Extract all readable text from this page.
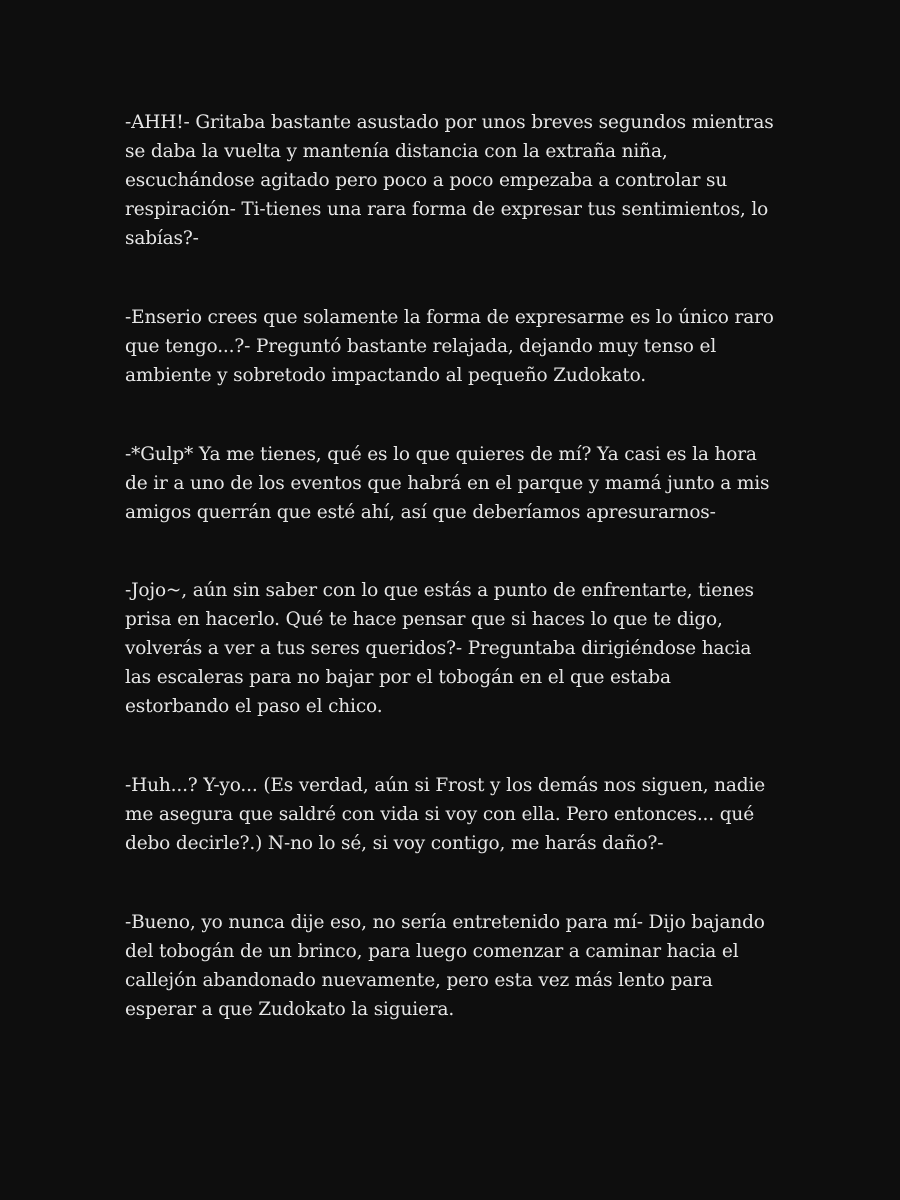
-AHH!- Gritaba bastante asustado por unos breves segundos mientras se daba la vuelta y mantenía distancia con la extraña niña, escuchándose agitado pero poco a poco empezaba a controlar su respiración- Ti-tienes una rara forma de expresar tus sentimientos, lo sabías?-

-Enserio crees que solamente la forma de expresarme es lo único raro que tengo...?- Preguntó bastante relajada, dejando muy tenso el ambiente y sobretodo impactando al pequeño Zudokato.

-*Gulp* Ya me tienes, qué es lo que quieres de mí? Ya casi es la hora de ir a uno de los eventos que habrá en el parque y mamá junto a mis amigos querrán que esté ahí, así que deberíamos apresurarnos-

-Jojo~, aún sin saber con lo que estás a punto de enfrentarte, tienes prisa en hacerlo. Qué te hace pensar que si haces lo que te digo, volverás a ver a tus seres queridos?- Preguntaba dirigiéndose hacia las escaleras para no bajar por el tobogán en el que estaba estorbando el paso el chico.

-Huh...? Y-yo... (Es verdad, aún si Frost y los demás nos siguen, nadie me asegura que saldré con vida si voy con ella. Pero entonces... qué debo decirle?.) N-no lo sé, si voy contigo, me harás daño?-

-Bueno, yo nunca dije eso, no sería entretenido para mí- Dijo bajando del tobogán de un brinco, para luego comenzar a caminar hacia el callejón abandonado nuevamente, pero esta vez más lento para esperar a que Zudokato la siguiera.
